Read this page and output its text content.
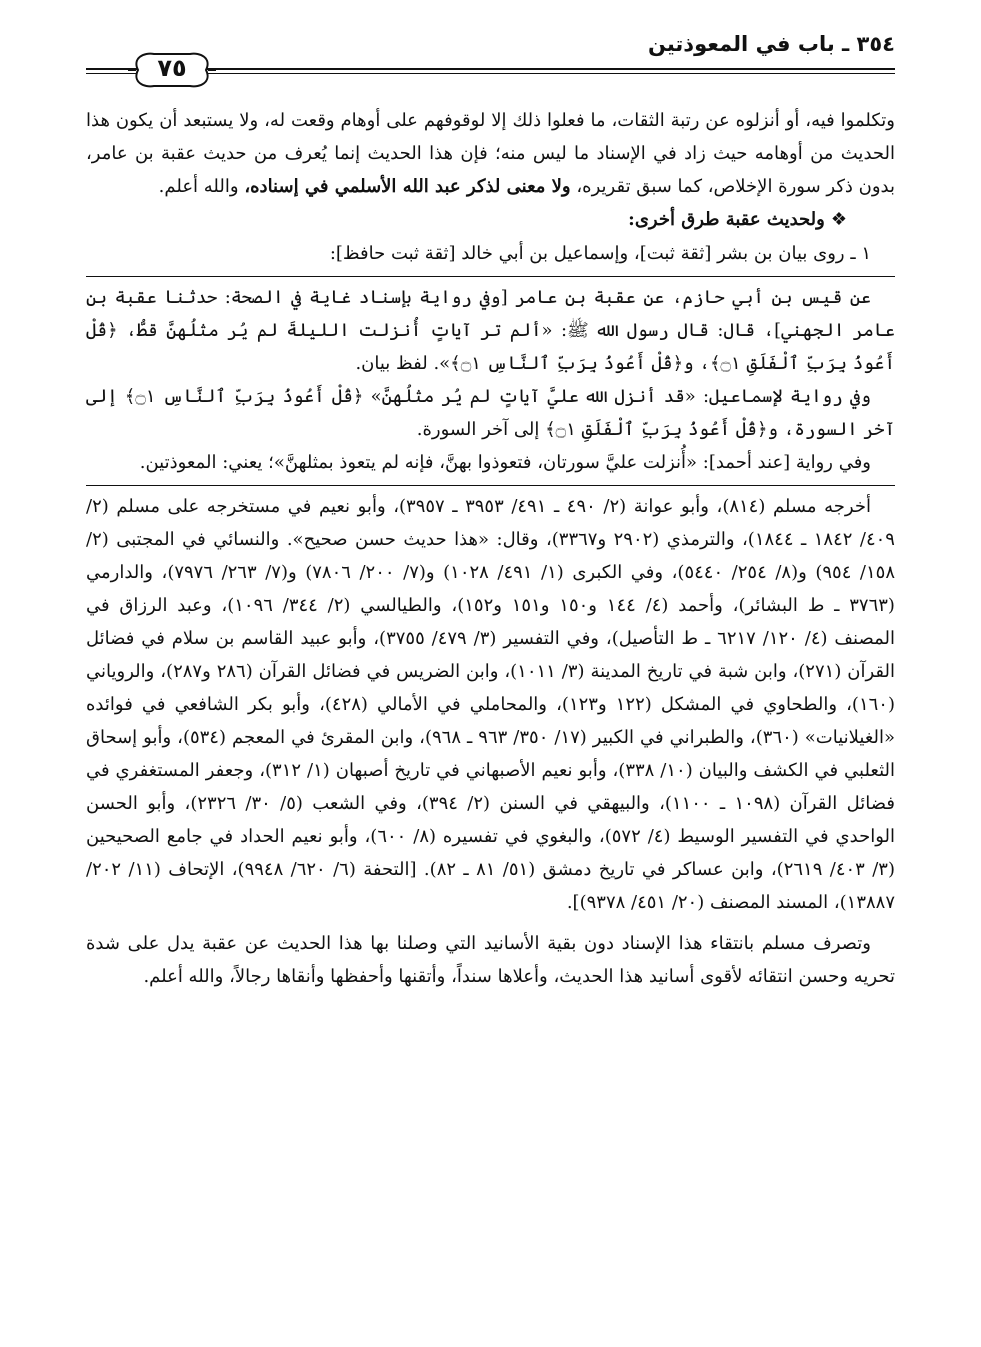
٣٥٤ ـ باب في المعوذتين
٧٥

وتكلموا فيه، أو أنزلوه عن رتبة الثقات، ما فعلوا ذلك إلا لوقوفهم على أوهام وقعت له، ولا يستبعد أن يكون هذا الحديث من أوهامه حيث زاد في الإسناد ما ليس منه؛ فإن هذا الحديث إنما يُعرف من حديث عقبة بن عامر، بدون ذكر سورة الإخلاص، كما سبق تقريره، ولا معنى لذكر عبد الله الأسلمي في إسناده، والله أعلم.

❖ولحديث عقبة طرق أخرى:

١ ـ روى بيان بن بشر [ثقة ثبت]، وإسماعيل بن أبي خالد [ثقة ثبت حافظ]:

عن قيس بن أبي حازم، عن عقبة بن عامر [وفي رواية بإسناد غاية في الصحة: حدثنا عقبة بن عامر الجهني]، قال: قال رسول الله ﷺ: «ألم تر آياتٍ أُنزلت الليلةَ لم يُر مثلُهنَّ قطُّ، ﴿قُلْ أَعُوذُ بِرَبِّ ٱلْفَلَقِ ۝١﴾، و﴿قُلْ أَعُوذُ بِرَبِّ ٱلنَّاسِ ۝١﴾». لفظ بيان.

وفي رواية لإسماعيل: «قد أنزل الله عليَّ آياتٍ لم يُر مثلُهنَّ» ﴿قُلْ أَعُوذُ بِرَبِّ ٱلنَّاسِ ۝١﴾ إلى آخر السورة، و﴿قُلْ أَعُوذُ بِرَبِّ ٱلْفَلَقِ ۝١﴾ إلى آخر السورة.

وفي رواية [عند أحمد]: «أُنزلت عليَّ سورتان، فتعوذوا بهنَّ، فإنه لم يتعوذ بمثلهنَّ»؛ يعني: المعوذتين.

أخرجه مسلم (٨١٤)، وأبو عوانة (٢/ ٤٩٠ ـ ٤٩١/ ٣٩٥٣ ـ ٣٩٥٧)، وأبو نعيم في مستخرجه على مسلم (٢/ ٤٠٩/ ١٨٤٢ ـ ١٨٤٤)، والترمذي (٢٩٠٢ و٣٣٦٧)، وقال: «هذا حديث حسن صحيح». والنسائي في المجتبى (٢/ ١٥٨/ ٩٥٤) و(٨/ ٢٥٤/ ٥٤٤٠)، وفي الكبرى (١/ ٤٩١/ ١٠٢٨) و(٧/ ٢٠٠/ ٧٨٠٦) و(٧/ ٢٦٣/ ٧٩٧٦)، والدارمي (٣٧٦٣ ـ ط البشائر)، وأحمد (٤/ ١٤٤ و١٥٠ و١٥١ و١٥٢)، والطيالسي (٢/ ٣٤٤/ ١٠٩٦)، وعبد الرزاق في المصنف (٤/ ١٢٠/ ٦٢١٧ ـ ط التأصيل)، وفي التفسير (٣/ ٤٧٩/ ٣٧٥٥)، وأبو عبيد القاسم بن سلام في فضائل القرآن (٢٧١)، وابن شبة في تاريخ المدينة (٣/ ١٠١١)، وابن الضريس في فضائل القرآن (٢٨٦ و٢٨٧)، والروياني (١٦٠)، والطحاوي في المشكل (١٢٢ و١٢٣)، والمحاملي في الأمالي (٤٢٨)، وأبو بكر الشافعي في فوائده «الغيلانيات» (٣٦٠)، والطبراني في الكبير (١٧/ ٣٥٠/ ٩٦٣ ـ ٩٦٨)، وابن المقرئ في المعجم (٥٣٤)، وأبو إسحاق الثعلبي في الكشف والبيان (١٠/ ٣٣٨)، وأبو نعيم الأصبهاني في تاريخ أصبهان (١/ ٣١٢)، وجعفر المستغفري في فضائل القرآن (١٠٩٨ ـ ١١٠٠)، والبيهقي في السنن (٢/ ٣٩٤)، وفي الشعب (٥/ ٣٠/ ٢٣٢٦)، وأبو الحسن الواحدي في التفسير الوسيط (٤/ ٥٧٢)، والبغوي في تفسيره (٨/ ٦٠٠)، وأبو نعيم الحداد في جامع الصحيحين (٣/ ٤٠٣/ ٢٦١٩)، وابن عساكر في تاريخ دمشق (٥١/ ٨١ ـ ٨٢). [التحفة (٦/ ٦٢٠/ ٩٩٤٨)، الإتحاف (١١/ ٢٠٢/ ١٣٨٨٧)، المسند المصنف (٢٠/ ٤٥١/ ٩٣٧٨)].

وتصرف مسلم بانتقاء هذا الإسناد دون بقية الأسانيد التي وصلنا بها هذا الحديث عن عقبة يدل على شدة تحريه وحسن انتقائه لأقوى أسانيد هذا الحديث، وأعلاها سنداً، وأتقنها وأحفظها وأنقاها رجالاً، والله أعلم.
